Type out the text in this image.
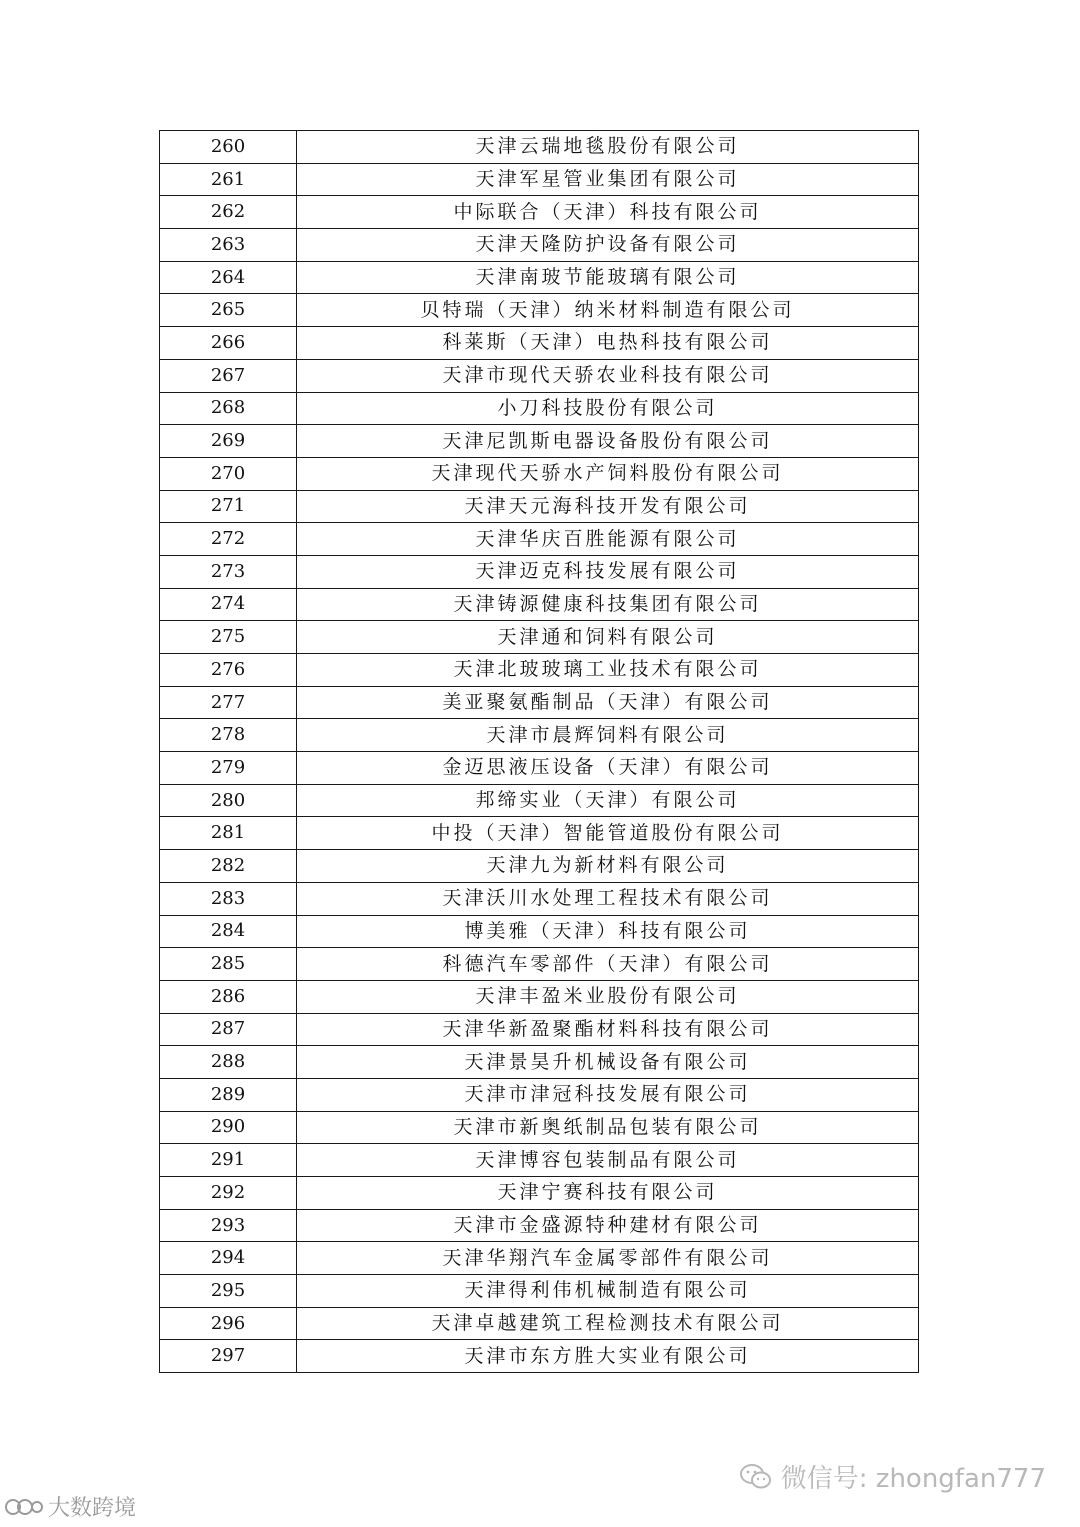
260	天津云瑞地毯股份有限公司
261	天津军星管业集团有限公司
262	中际联合（天津）科技有限公司
263	天津天隆防护设备有限公司
264	天津南玻节能玻璃有限公司
265	贝特瑞（天津）纳米材料制造有限公司
266	科莱斯（天津）电热科技有限公司
267	天津市现代天骄农业科技有限公司
268	小刀科技股份有限公司
269	天津尼凯斯电器设备股份有限公司
270	天津现代天骄水产饲料股份有限公司
271	天津天元海科技开发有限公司
272	天津华庆百胜能源有限公司
273	天津迈克科技发展有限公司
274	天津铸源健康科技集团有限公司
275	天津通和饲料有限公司
276	天津北玻玻璃工业技术有限公司
277	美亚聚氨酯制品（天津）有限公司
278	天津市晨辉饲料有限公司
279	金迈思液压设备（天津）有限公司
280	邦缔实业（天津）有限公司
281	中投（天津）智能管道股份有限公司
282	天津九为新材料有限公司
283	天津沃川水处理工程技术有限公司
284	博美雅（天津）科技有限公司
285	科德汽车零部件（天津）有限公司
286	天津丰盈米业股份有限公司
287	天津华新盈聚酯材料科技有限公司
288	天津景昊升机械设备有限公司
289	天津市津冠科技发展有限公司
290	天津市新奥纸制品包装有限公司
291	天津博容包装制品有限公司
292	天津宁赛科技有限公司
293	天津市金盛源特种建材有限公司
294	天津华翔汽车金属零部件有限公司
295	天津得利伟机械制造有限公司
296	天津卓越建筑工程检测技术有限公司
297	天津市东方胜大实业有限公司
微信号: zhongfan777
大数跨境
